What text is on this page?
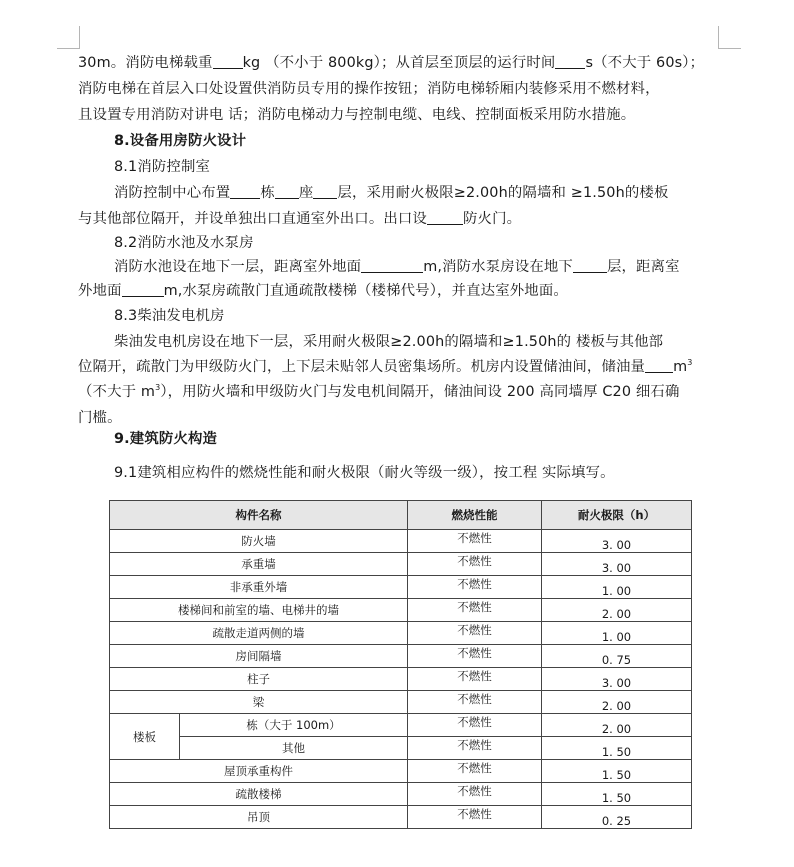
30m。消防电梯载重 kg （不小于 800kg）；从首层至顶层的运行时间 s（不大于 60s）；
消防电梯在首层入口处设置供消防员专用的操作按钮；消防电梯轿厢内装修采用不燃材料，
且设置专用消防对讲电 话；消防电梯动力与控制电缆、电线、控制面板采用防水措施。
8.设备用房防火设计
8.1消防控制室
消防控制中心布置 栋 座 层，采用耐火极限≥2.00h的隔墙和 ≥1.50h的楼板
与其他部位隔开，并设单独出口直通室外出口。出口设	防火门。
8.2消防水池及水泵房
消防水池设在地下一层，距离室外地面	m,消防水泵房设在地下 层，距离室
外地面	m,水泵房疏散门直通疏散楼梯（楼梯代号），并直达室外地面。
8.3柴油发电机房
柴油发电机房设在地下一层，采用耐火极限≥2.00h的隔墙和≥1.50h的 楼板与其他部
位隔开，疏散门为甲级防火门，上下层未贴邻人员密集场所。机房内设置储油间，储油量 $m^3$
（不大于 $m^3$），用防火墙和甲级防火门与发电机间隔开，储油间设 200 高同墙厚 C20 细石确
门槛。
9.建筑防火构造
9.1建筑相应构件的燃烧性能和耐火极限（耐火等级一级），按工程 实际填写。
构件名称		燃烧性能	耐火极限（h）
防火墙		不燃性	3. 00
承重墙		不燃性	3. 00
非承重外墙		不燃性	1. 00
楼梯间和前室的墙、电梯井的墙		不燃性	2. 00
疏散走道两侧的墙		不燃性	1. 00
房间隔墙		不燃性	0. 75
柱子		不燃性	3. 00
梁		不燃性	2. 00
楼板	栋（大于 100m）	不燃性	2. 00
	其他	不燃性	1. 50
屋顶承重构件		不燃性	1. 50
疏散楼梯		不燃性	1. 50
吊顶		不燃性	0. 25
